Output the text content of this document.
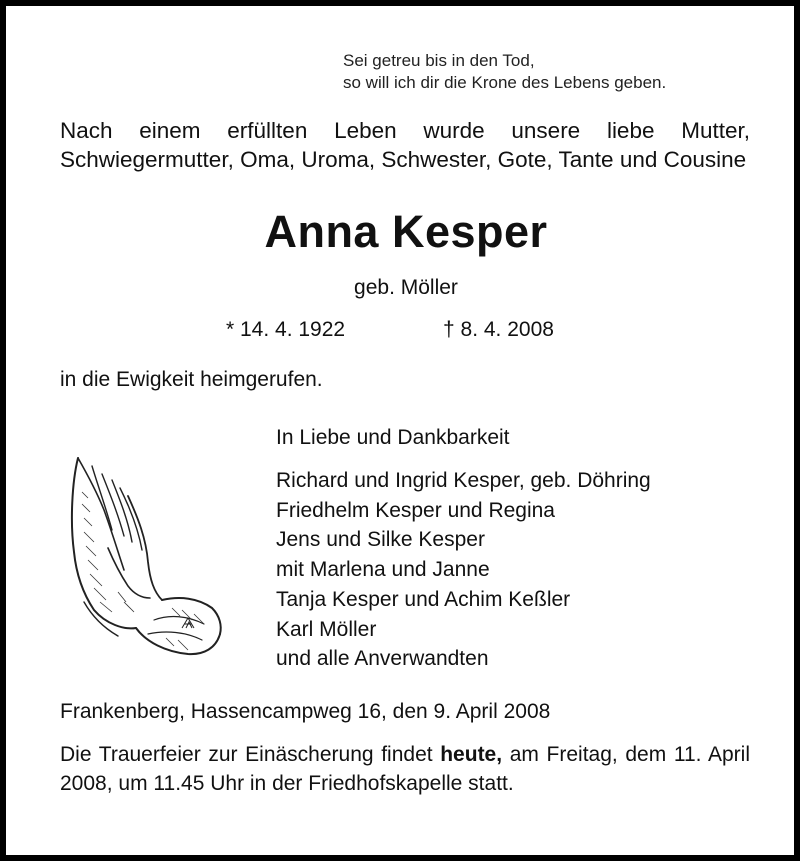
Sei getreu bis in den Tod,
so will ich dir die Krone des Lebens geben.
Nach einem erfüllten Leben wurde unsere liebe Mutter, Schwiegermutter, Oma, Uroma, Schwester, Gote, Tante und Cousine
Anna Kesper
geb. Möller
* 14. 4. 1922	† 8. 4. 2008
in die Ewigkeit heimgerufen.
In Liebe und Dankbarkeit
Richard und Ingrid Kesper, geb. Döhring
Friedhelm Kesper und Regina
Jens und Silke Kesper
mit Marlena und Janne
Tanja Kesper und Achim Keßler
Karl Möller
und alle Anverwandten
Frankenberg, Hassencampweg 16, den 9. April 2008
Die Trauerfeier zur Einäscherung findet heute, am Freitag, dem 11. April 2008, um 11.45 Uhr in der Friedhofskapelle statt.
